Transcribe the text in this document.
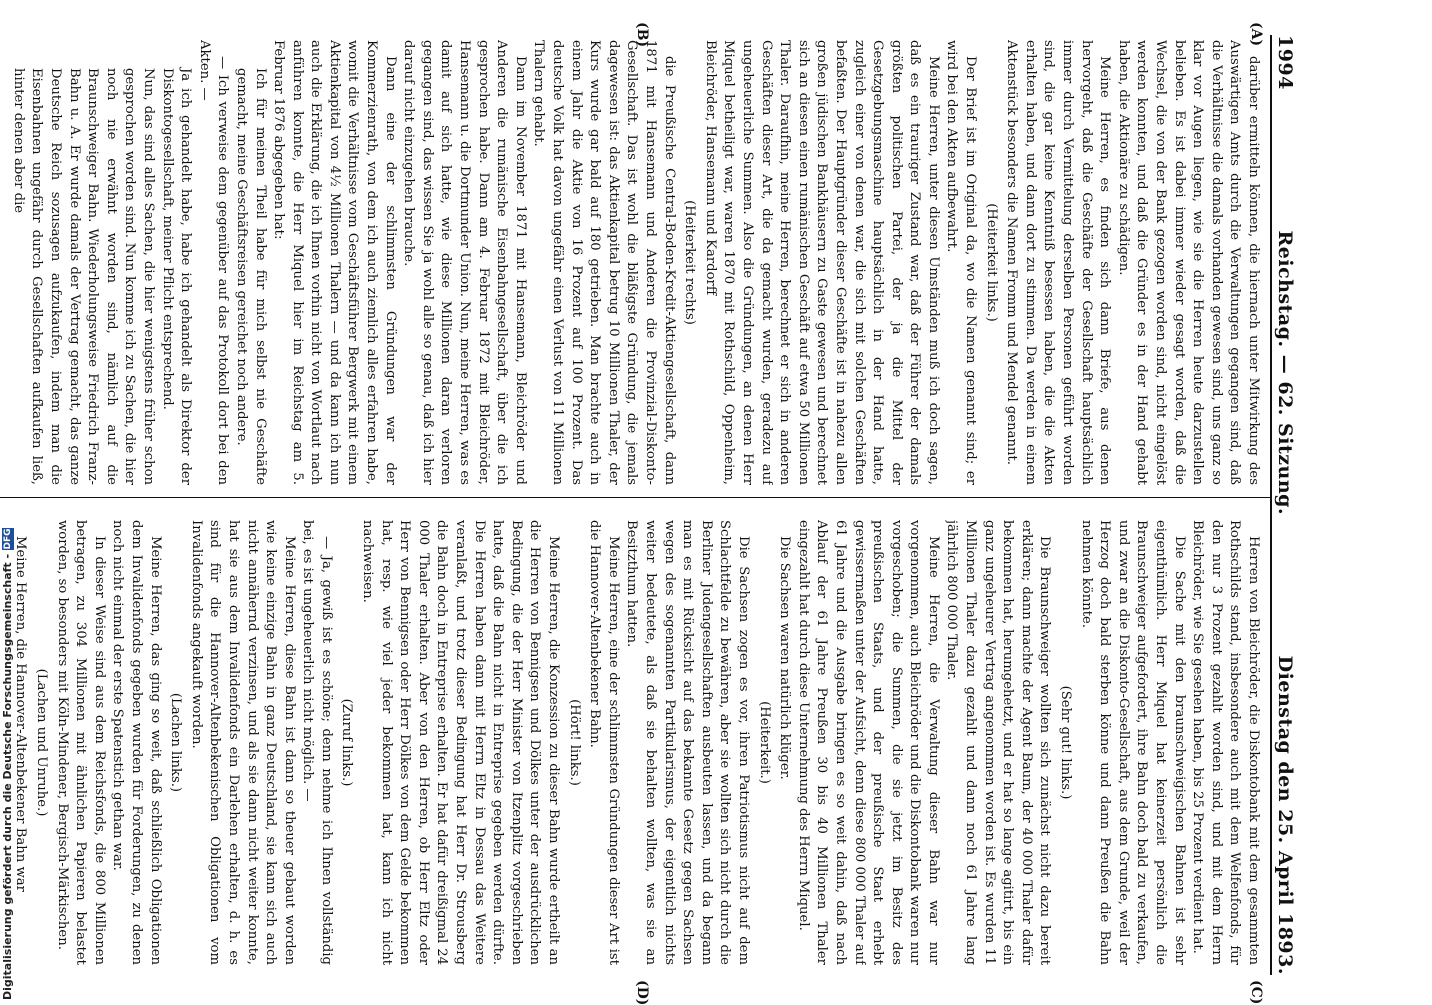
1994
Reichstag. — 62. Sitzung.
Dienstag den 25. April 1893.
(A)
(B)
(C)
(D)

darüber ermitteln können, die hiernach unter Mitwirkung des Auswärtigen Amts durch die Verwaltungen gegangen sind, daß die Verhältnisse die damals vorhanden gewesen sind, uns ganz so klar vor Augen liegen, wie sie die Herren heute darzustellen belieben. Es ist dabei immer wieder gesagt worden, daß die Wechsel, die von der Bank gezogen worden sind, nicht eingelöst werden konnten, und daß die Gründer es in der Hand gehabt haben, die Aktionäre zu schädigen.

Meine Herren, es finden sich dann Briefe, aus denen hervorgeht, daß die Geschäfte der Gesellschaft hauptsächlich immer durch Vermittelung derselben Personen geführt worden sind, die gar keine Kenntniß besessen haben, die die Akten erhalten haben, und dann dort zu stimmen. Da werden in einem Aktenstück besonders die Namen Fromm und Mendel genannt.

(Heiterkeit links.)

Der Brief ist im Original da, wo die Namen genannt sind; er wird bei den Akten aufbewahrt.

Meine Herren, unter diesen Umständen muß ich doch sagen, daß es ein trauriger Zustand war, daß der Führer der damals größten politischen Partei, der ja die Mittel der Gesetzgebungsmaschine hauptsächlich in der Hand hatte, zugleich einer von denen war, die sich mit solchen Geschäften befaßten. Der Hauptgründer dieser Geschäfte ist in nahezu allen großen jüdischen Bankhäusern zu Gaste gewesen und berechnet sich an diesen einen rumänischen Geschäft auf etwa 50 Millionen Thaler. Daraufhin, meine Herren, berechnet er sich in anderen Geschäften dieser Art, die da gemacht wurden, geradezu auf ungeheuerliche Summen. Also die Gründungen, an denen Herr Miquel betheiligt war, waren 1870 mit Rothschild, Oppenheim, Bleichröder, Hansemann und Kardorff

(Heiterkeit rechts)

die Preußische Central-Boden-Kredit-Aktiengesellschaft, dann 1871 mit Hansemann und Anderen die Provinzial-Diskonto-Gesellschaft. Das ist wohl die bläßigste Gründung, die jemals dagewesen ist: das Aktienkapital betrug 10 Millionen Thaler, der Kurs wurde gar bald auf 180 getrieben. Man brachte auch in einem Jahr die Aktie von 16 Prozent auf 100 Prozent. Das deutsche Volk hat davon ungefähr einen Verlust von 11 Millionen Thalern gehabt.

Dann im November 1871 mit Hansemann, Bleichröder und Anderen die rumänische Eisenbahngesellschaft, über die ich gesprochen habe. Dann am 4. Februar 1872 mit Bleichröder, Hansemann u. die Dortmunder Union. Nun, meine Herren, was es damit auf sich hatte, wie diese Millionen daran verloren gegangen sind, das wissen Sie ja wohl alle so genau, daß ich hier darauf nicht einzugehen brauche.

Dann eine der schlimmsten Gründungen war der Kommerzienrath, von dem ich auch ziemlich alles erfahren habe, womit die Verhältnisse vom Geschäftsführer Bergwerk mit einem Aktienkapital von 4½ Millionen Thalern — und da kann ich nun auch die Erklärung, die ich Ihnen vorhin nicht von Wortlaut nach anführen konnte, die Herr Miquel hier im Reichstag am 5. Februar 1876 abgegeben hat:

Ich für meinen Theil habe für mich selbst nie Geschäfte gemacht, meine Geschäftsreisen gereichet noch andere.

— Ich verweise dem gegenüber auf das Protokoll dort bei den Akten. —

Ja ich gehandelt habe, habe ich gehandelt als Direktor der Diskontogesellschaft, meiner Pflicht entsprechend.

Nun, das sind alles Sachen, die hier wenigstens früher schon gesprochen worden sind. Nun komme ich zu Sachen, die hier noch nie erwähnt worden sind, nämlich auf die Braunschweiger Bahn. Wiederholungsweise Friedrich Franz-Bahn u. A. Er wurde damals der Vertrag gemacht, das ganze Deutsche Reich sozusagen aufzukaufen, indem man die Eisenbahnen ungefähr durch Gesellschaften aufkaufen ließ, hinter denen aber die

Herren von Bleichröder, die Diskontobank mit dem gesammten Rothschilds stand, insbesondere auch mit dem Welfenfonds, für den nur 3 Prozent gezahlt worden sind, und mit dem Herrn Bleichröder, wie Sie gesehen haben, bis 25 Prozent verdient hat.

Die Sache mit den braunschweigischen Bahnen ist sehr eigenthümlich. Herr Miquel hat keinerzeit persönlich die Braunschweiger aufgefordert, ihre Bahn doch bald zu verkaufen, und zwar an die Diskonto-Gesellschaft, aus dem Grunde, weil der Herzog doch bald sterben könne und dann Preußen die Bahn nehmen könnte.

(Sehr gut! links.)

Die Braunschweiger wollten sich zunächst nicht dazu bereit erklären; dann machte der Agent Baum, der 40 000 Thaler dafür bekommen hat, herumgehetzt, und er hat so lange agitirt, bis ein ganz ungeheurer Vertrag angenommen worden ist. Es wurden 11 Millionen Thaler dazu gezahlt und dann noch 61 Jahre lang jährlich 800 000 Thaler.

Meine Herren, die Verwaltung dieser Bahn war nur vorgenommen, auch Bleichröder und die Diskontobank waren nur vorgeschoben; die Summen, die sie jetzt im Besitz des preußischen Staats, und der preußische Staat erhebt gewissermaßen unter der Aufsicht, denn diese 800 000 Thaler auf 61 Jahre und die Ausgabe bringen es so weit dahin, daß nach Ablauf der 61 Jahre Preußen 30 bis 40 Millionen Thaler eingezahlt hat durch diese Unternehmung des Herrn Miquel.

Die Sachsen waren natürlich klüger.

(Heiterkeit.)

Die Sachsen zogen es vor, ihren Patriotismus nicht auf dem Schlachtfelde zu bewähren, aber sie wollten sich nicht durch die Berliner Judengesellschaften ausbeuten lassen, und da begann man es mit Rücksicht auf das bekannte Gesetz gegen Sachsen wegen des sogenannten Partikularismus, der eigentlich nichts weiter bedeutete, als daß sie behalten wollten, was sie an Besitzthum hatten.

Meine Herren, eine der schlimmsten Gründungen dieser Art ist die Hannover-Altenbekener Bahn.

(Hört! links.)

Meine Herren, die Konzession zu dieser Bahn wurde ertheilt an die Herren von Bennigsen und Dölkes unter der ausdrücklichen Bedingung, die der Herr Minister von Itzenplitz vorgeschrieben hatte, daß die Bahn nicht in Entreprise gegeben werden dürfte. Die Herren haben dann mit Herrn Eltz in Dessau das Weitere veranlaßt, und trotz dieser Bedingung hat Herr Dr. Strousberg die Bahn doch in Entreprise erhalten. Er hat dafür dreißigmal 24 000 Thaler erhalten. Aber von den Herren, ob Herr Eltz oder Herr von Bennigsen oder Herr Dölkes von dem Gelde bekommen hat, resp. wie viel jeder bekommen hat, kann ich nicht nachweisen.

(Zuruf links.)

— Ja, gewiß ist es schöne; denn nehme ich Ihnen vollständig bei, es ist ungeheuerlich nicht möglich. —

Meine Herren, diese Bahn ist dann so theuer gebaut worden wie keine einzige Bahn in ganz Deutschland, sie kann sich auch nicht annähernd verzinsen, und als sie dann nicht weiter konnte, hat sie aus dem Invalidenfonds ein Darlehen erhalten, d. h. es sind für die Hannover-Altenbekenischen Obligationen vom Invalidenfonds angekauft worden.

(Lachen links.)

Meine Herren, das ging so weit, daß schließlich Obligationen dem Invalidenfonds gegeben wurden für Forderungen, zu denen noch nicht einmal der erste Spatenstich gethan war.

In dieser Weise sind aus dem Reichsfonds, die 800 Millionen betragen, zu 304 Millionen mit ähnlichen Papieren belastet worden, so besonders mit Köln-Mindener, Bergisch-Märkischen.

(Lachen und Unruhe.)

Meine Herren, die Hannover-Altenbekener Bahn war

Digitalisierung gefördert durch die Deutsche Forschungsgemeinschaft -
DFG
